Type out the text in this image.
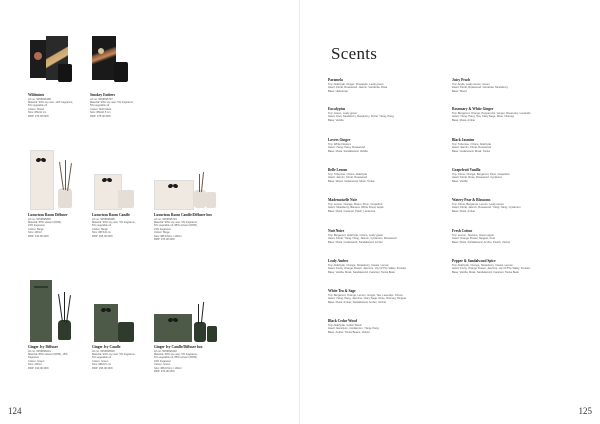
Wildmints
Art.no. 5056696408
Material: 90% soy wax, 10% fragrance,
5% vegetable oil
Colour: Mixed
Size: Ø9x10 cm
RRP: 275,00 DKK
Smokey Embers
Art.no. 5056696707
Material: 90% soy wax, 5% fragrance,
5% vegetable oil
Colour: Multi black
Size: Ø9x10,5 cm
RRP: 275,00 DKK
Luxurious Room Diffuser
Art.no. 5056695805
Material: 85% solvent (DPM),
15% fragrance
Colour: Beige
Size: 200ml
RRP: 310,00 DKK
Luxurious Room Candle
Art.no. 5056695905
Material: 90% soy wax, 5% fragrance,
5% vegetable oil
Colour: Beige
Size: Ø8,5x9 cm
RRP: 295,00 DKK
Luxurious Room Candle/Diffuser box
Art.no. 5056695703
Material: 90% soy wax, 5% fragrance,
5% vegetable oil, 85% solvent (DPM),
15% fragrance
Colour: Beige
Size: Ø8,5x9cm / 100ml
RRP: 370,00 DKK
Ginger Ivy Diffuser
Art.no. 5056695601
Material: 85% solvent (DPM), 15%
fragrance
Colour: Green
Size: 200ml
RRP: 310,00 DKK
Ginger Ivy Candle
Art.no. 5056695502
Material: 90% soy wax, 5% fragrance,
5% vegetable oil
Colour: Green
Size: Ø8x9,5 cm
RRP: 295,00 DKK
Ginger Ivy Candle/Diffuser box
Art.no. 5056695402
Material: 90% soy wax, 5% fragrance,
5% vegetable oil, 85% solvent (DPM),
15% fragrance
Colour: Green
Size: Ø8x9,5cm / 100ml
RRP: 370,00 DKK
124
Scents
Paramela
Top: Aldehyde, Ginger, Pineapple, Leafy green
Heart: Floral, Rosewood, Jasmin, Gardenia, Rose
Base: Heliotrope
Eucalyptus
Top: Green, Leafy green
Heart: Fruit, Strawberry, Raspberry, Floral, Ylang-Ylang
Base: Vanilla
Lovers Ginger
Top: White Flowers
Heart: Ylang-Ylang, Rosewood
Base: Musk, Sandalwood, Vanilla
Belle Lemon
Top: Tuberose, Ozone, Aldehyde
Heart: Jasmin, Floral, Rosewood
Base: Wood, Cedarwood, Musk, Tonka
Mademoiselle Noir
Top: Lemon, Orange, Melon, Plum, Grapefruit
Heart: Strawberry, Banana, White Floral, Apple
Base: Musk, Caramel, Patch, Lactonnie
Nuit Noire
Top: Bergamot, Aldehyde, Ozone, Leafy green
Heart: Floral, Ylang-Ylang, Jasmin, Cyclamen, Rosewood
Base: Musk, Cedarwood, Sandalwood, Amber
Leafy Amber
Top: Aldehyde, Orange, Strawberry, Cassis, Lemon
Heart: Fruity, Orange Flower, Jasmine, Lily Of The Valley, Freesia
Base: Vanilla, Musk, Sandalwood, Caramel, Tonka Bean
White Tea & Sage
Top: Bergamot, Orange, Lemon, Ginger, Tea, Lavender, Ozone
Heart: Ylang-Ylang, Jasmine, Clary Sage, Rose, Nutmeg, Muguet
Base: Musk, Amber, Sandalwood, Amber, Vetiver
Black Cedar Wood
Top: Aldehyde, Cedar Wood
Heart: Geranium, Cardamom, Ylang-Ylang
Base: Amber, Tonka Beans, Vetiver
Juicy Peach
Top: Apple, Leafy Green, Green
Heart: Floral, Rosewood, Gardenia, Strawberry
Base: Wood
Rosemary & White Ginger
Top: Bergamot, Orange, Peppermint, Ginger, Rosemary, Lavandin
Heart: Ylang-Ylang, Tea, Clary Sage, Rose, Nutmeg
Base: Musk, Amber
Black Jasmine
Top: Tuberose, Ozone, Aldehyde
Heart: Jasmin, Floral, Rosewood
Base: Cedarwood, Musk, Tonka
Grapefruit Vanilla
Top: Citrus, Orange, Bergamot, Plum, Grapefruit
Heart: Floral, Rose, Rosewood, Cyclamen
Base: Vanilla
Watery Pear & Blossoms
Top: Citrus, Bergamot, Lemon, Leafy Green
Heart: Floral, Jasmin, Rosewood, Ylang-Ylang, Cyclamen
Base: Musk, Amber
Fresh Cotton
Top: Lemon, Jasmine, Green apple
Heart: Orange Flower, Muguet, Fruit
Base: Musk, Sandalwood, Amber, Peach, Vetiver
Pepper & Sandalwood Spice
Top: Aldehyde, Orange, Strawberry, Cassis, Lemon
Heart: Fruity, Orange Flower, Jasmine, Lily Of The Valley, Freesia
Base: Vanilla, Musk, Sandalwood, Caramel, Tonka Bean
125
